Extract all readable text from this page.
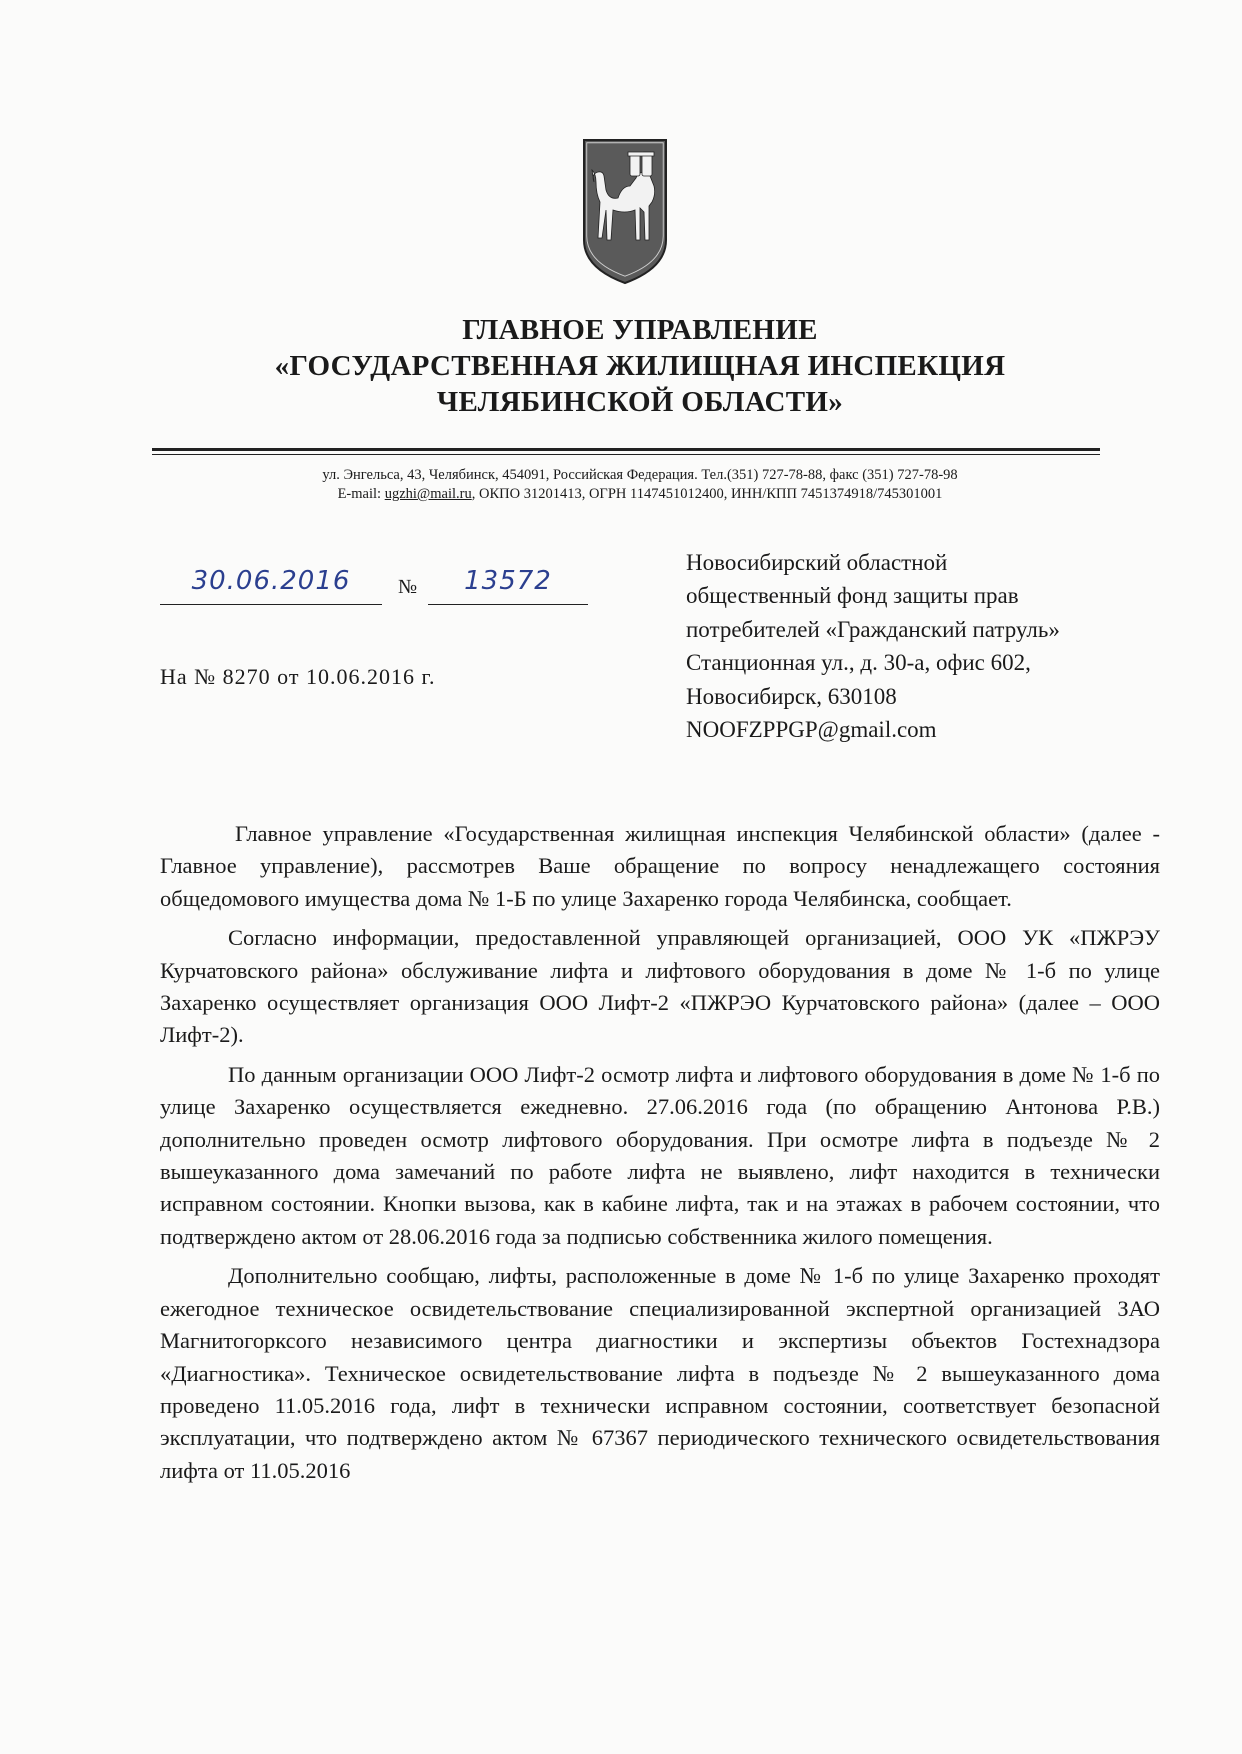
ГЛАВНОЕ УПРАВЛЕНИЕ
«ГОСУДАРСТВЕННАЯ ЖИЛИЩНАЯ ИНСПЕКЦИЯ
ЧЕЛЯБИНСКОЙ ОБЛАСТИ»
ул. Энгельса, 43, Челябинск, 454091, Российская Федерация. Тел.(351) 727-78-88, факс (351) 727-78-98
E-mail: ugzhi@mail.ru, ОКПО 31201413, ОГРН 1147451012400, ИНН/КПП 7451374918/745301001
30.06.2016	№	13572
На № 8270 от 10.06.2016 г.
Новосибирский областной
общественный фонд защиты прав
потребителей «Гражданский патруль»
Станционная ул., д. 30-а, офис 602,
Новосибирск, 630108
NOOFZPPGP@gmail.com

Главное управление «Государственная жилищная инспекция Челябинской области» (далее - Главное управление), рассмотрев Ваше обращение по вопросу ненадлежащего состояния общедомового имущества дома № 1-Б по улице Захаренко города Челябинска, сообщает.

Согласно информации, предоставленной управляющей организацией, ООО УК «ПЖРЭУ Курчатовского района» обслуживание лифта и лифтового оборудования в доме № 1-б по улице Захаренко осуществляет организация ООО Лифт-2 «ПЖРЭО Курчатовского района» (далее – ООО Лифт-2).

По данным организации ООО Лифт-2 осмотр лифта и лифтового оборудования в доме № 1-б по улице Захаренко осуществляется ежедневно. 27.06.2016 года (по обращению Антонова Р.В.) дополнительно проведен осмотр лифтового оборудования. При осмотре лифта в подъезде № 2 вышеуказанного дома замечаний по работе лифта не выявлено, лифт находится в технически исправном состоянии. Кнопки вызова, как в кабине лифта, так и на этажах в рабочем состоянии, что подтверждено актом от 28.06.2016 года за подписью собственника жилого помещения.

Дополнительно сообщаю, лифты, расположенные в доме № 1-б по улице Захаренко проходят ежегодное техническое освидетельствование специализированной экспертной организацией ЗАО Магнитогорксого независимого центра диагностики и экспертизы объектов Гостехнадзора «Диагностика». Техническое освидетельствование лифта в подъезде № 2 вышеуказанного дома проведено 11.05.2016 года, лифт в технически исправном состоянии, соответствует безопасной эксплуатации, что подтверждено актом № 67367 периодического технического освидетельствования лифта от 11.05.2016
